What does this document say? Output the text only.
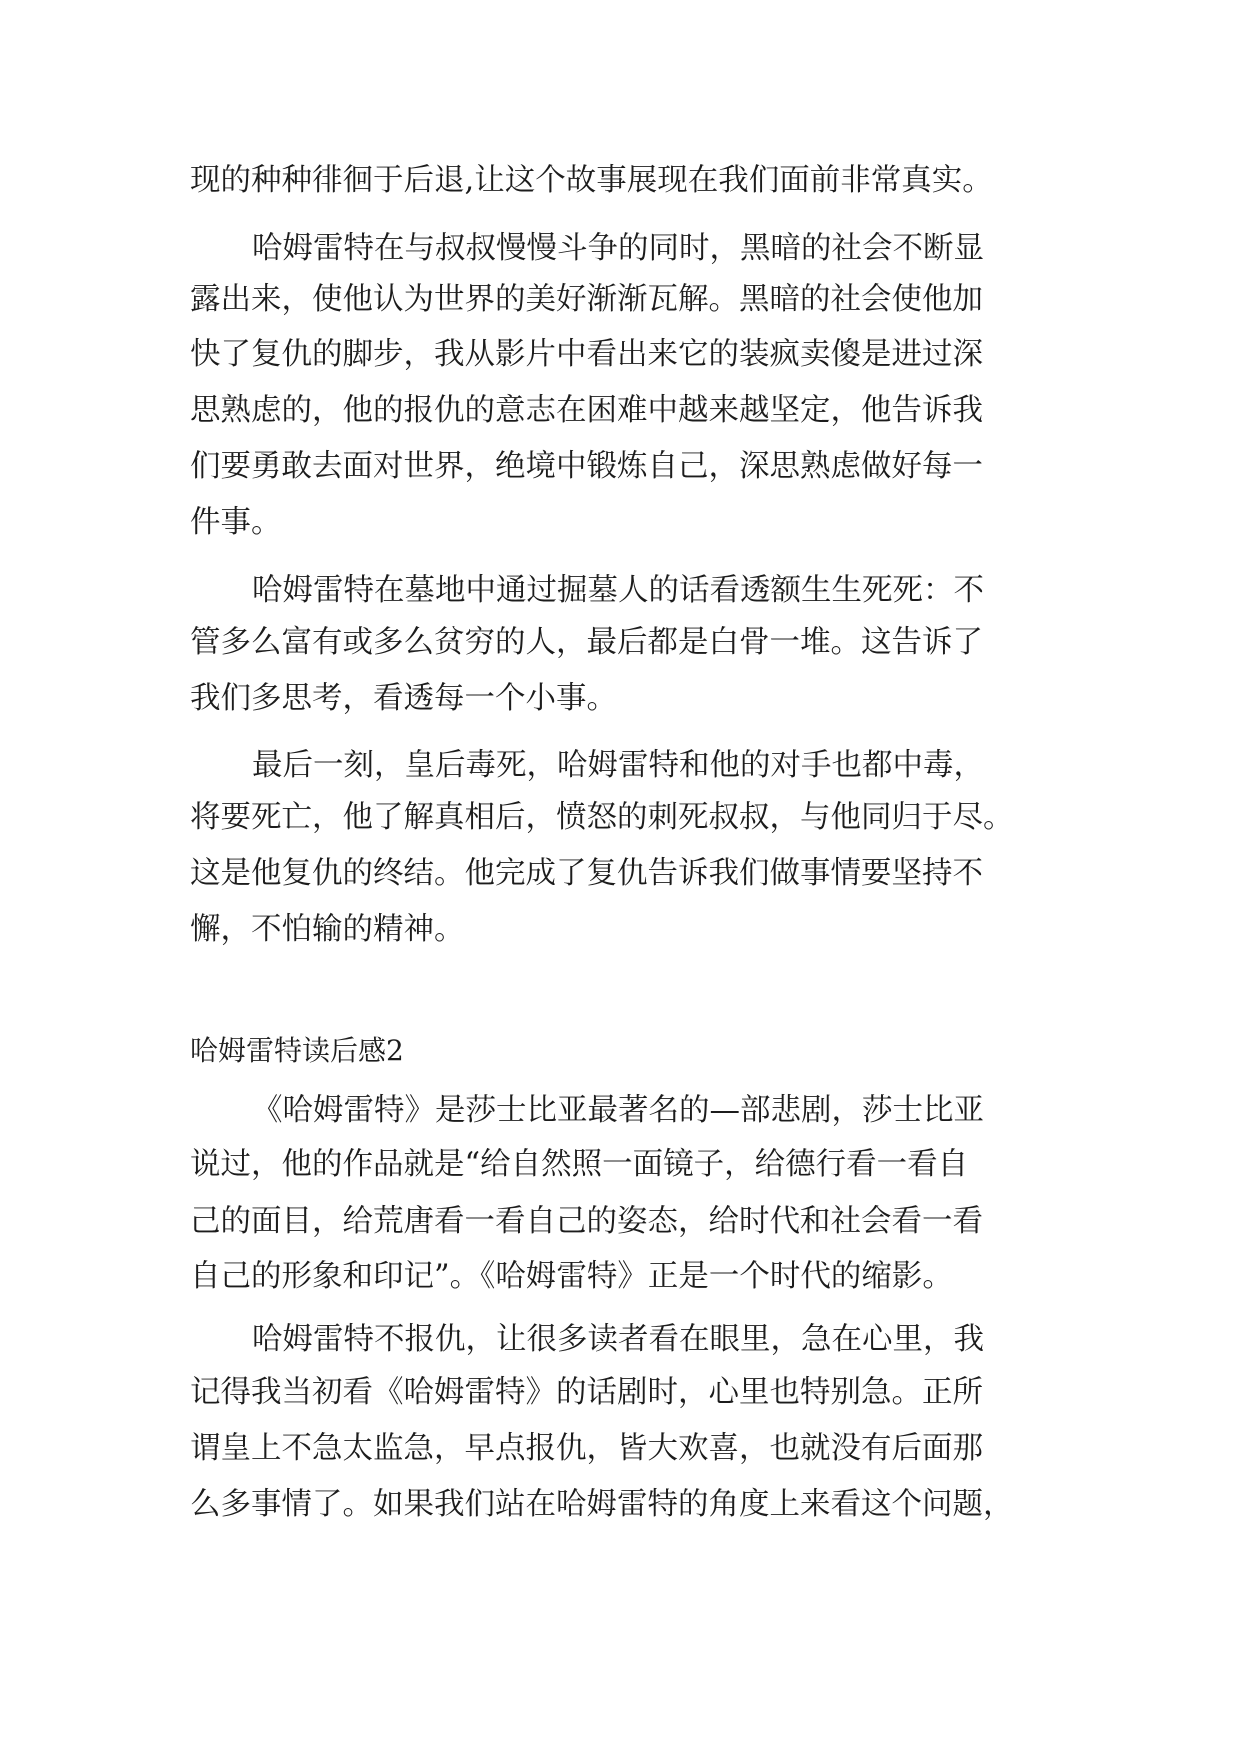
现的种种徘徊于后退,让这个故事展现在我们面前非常真实。
哈姆雷特在与叔叔慢慢斗争的同时，黑暗的社会不断显
露出来，使他认为世界的美好渐渐瓦解。黑暗的社会使他加
快了复仇的脚步，我从影片中看出来它的装疯卖傻是进过深
思熟虑的，他的报仇的意志在困难中越来越坚定，他告诉我
们要勇敢去面对世界，绝境中锻炼自己，深思熟虑做好每一
件事。
哈姆雷特在墓地中通过掘墓人的话看透额生生死死：不
管多么富有或多么贫穷的人，最后都是白骨一堆。这告诉了
我们多思考，看透每一个小事。
最后一刻，皇后毒死，哈姆雷特和他的对手也都中毒，
将要死亡，他了解真相后，愤怒的刺死叔叔，与他同归于尽。
这是他复仇的终结。他完成了复仇告诉我们做事情要坚持不
懈，不怕输的精神。
哈姆雷特读后感2
《哈姆雷特》是莎士比亚最著名的—部悲剧，莎士比亚
说过，他的作品就是“给自然照一面镜子，给德行看一看自
己的面目，给荒唐看一看自己的姿态，给时代和社会看一看
自己的形象和印记”。《哈姆雷特》正是一个时代的缩影。
哈姆雷特不报仇，让很多读者看在眼里，急在心里，我
记得我当初看《哈姆雷特》的话剧时，心里也特别急。正所
谓皇上不急太监急，早点报仇，皆大欢喜，也就没有后面那
么多事情了。如果我们站在哈姆雷特的角度上来看这个问题，
